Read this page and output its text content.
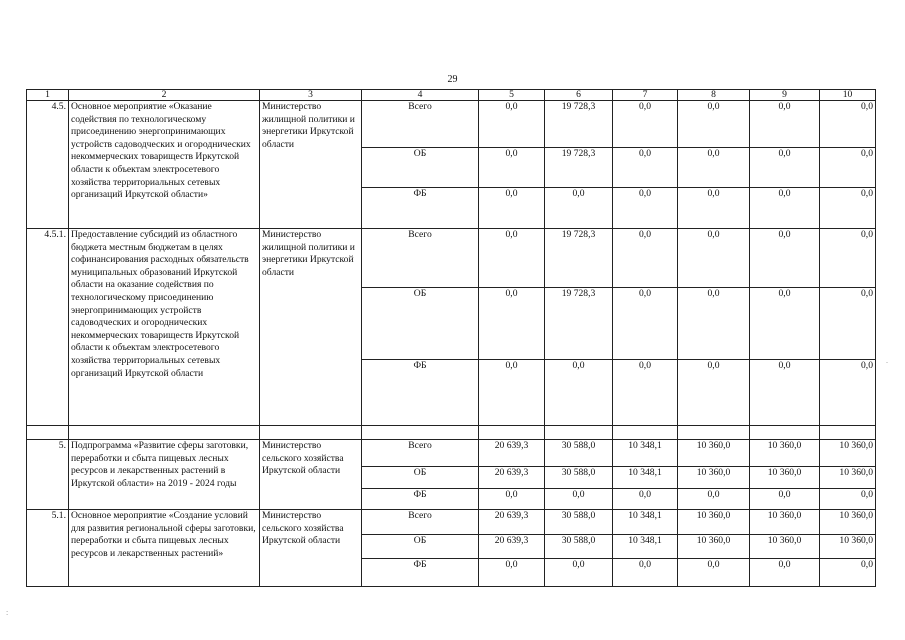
29
1	2	3	4	5	6	7	8	9	10
4.5.	Основное мероприятие «Оказание содействия по технологическому присоединению энергопринимающих устройств садоводческих и огороднических некоммерческих товариществ Иркутской области к объектам электросетевого хозяйства территориальных сетевых организаций Иркутской области»	Министерство жилищной политики и энергетики Иркутской области	Всего	0,0	19 728,3	0,0	0,0	0,0	0,0
			ОБ	0,0	19 728,3	0,0	0,0	0,0	0,0
			ФБ	0,0	0,0	0,0	0,0	0,0	0,0
4.5.1.	Предоставление субсидий из областного бюджета местным бюджетам в целях софинансирования расходных обязательств муниципальных образований Иркутской области на оказание содействия по технологическому присоединению энергопринимающих устройств садоводческих и огороднических некоммерческих товариществ Иркутской области к объектам электросетевого хозяйства территориальных сетевых организаций Иркутской области	Министерство жилищной политики и энергетики Иркутской области	Всего	0,0	19 728,3	0,0	0,0	0,0	0,0
			ОБ	0,0	19 728,3	0,0	0,0	0,0	0,0
			ФБ	0,0	0,0	0,0	0,0	0,0	0,0

5.	Подпрограмма «Развитие сферы заготовки, переработки и сбыта пищевых лесных ресурсов и лекарственных растений в Иркутской области» на 2019 - 2024 годы	Министерство сельского хозяйства Иркутской области	Всего	20 639,3	30 588,0	10 348,1	10 360,0	10 360,0	10 360,0
			ОБ	20 639,3	30 588,0	10 348,1	10 360,0	10 360,0	10 360,0
			ФБ	0,0	0,0	0,0	0,0	0,0	0,0
5.1.	Основное мероприятие «Создание условий для развития региональной сферы заготовки, переработки и сбыта пищевых лесных ресурсов и лекарственных растений»	Министерство сельского хозяйства Иркутской области	Всего	20 639,3	30 588,0	10 348,1	10 360,0	10 360,0	10 360,0
			ОБ	20 639,3	30 588,0	10 348,1	10 360,0	10 360,0	10 360,0
			ФБ	0,0	0,0	0,0	0,0	0,0	0,0
:
.
